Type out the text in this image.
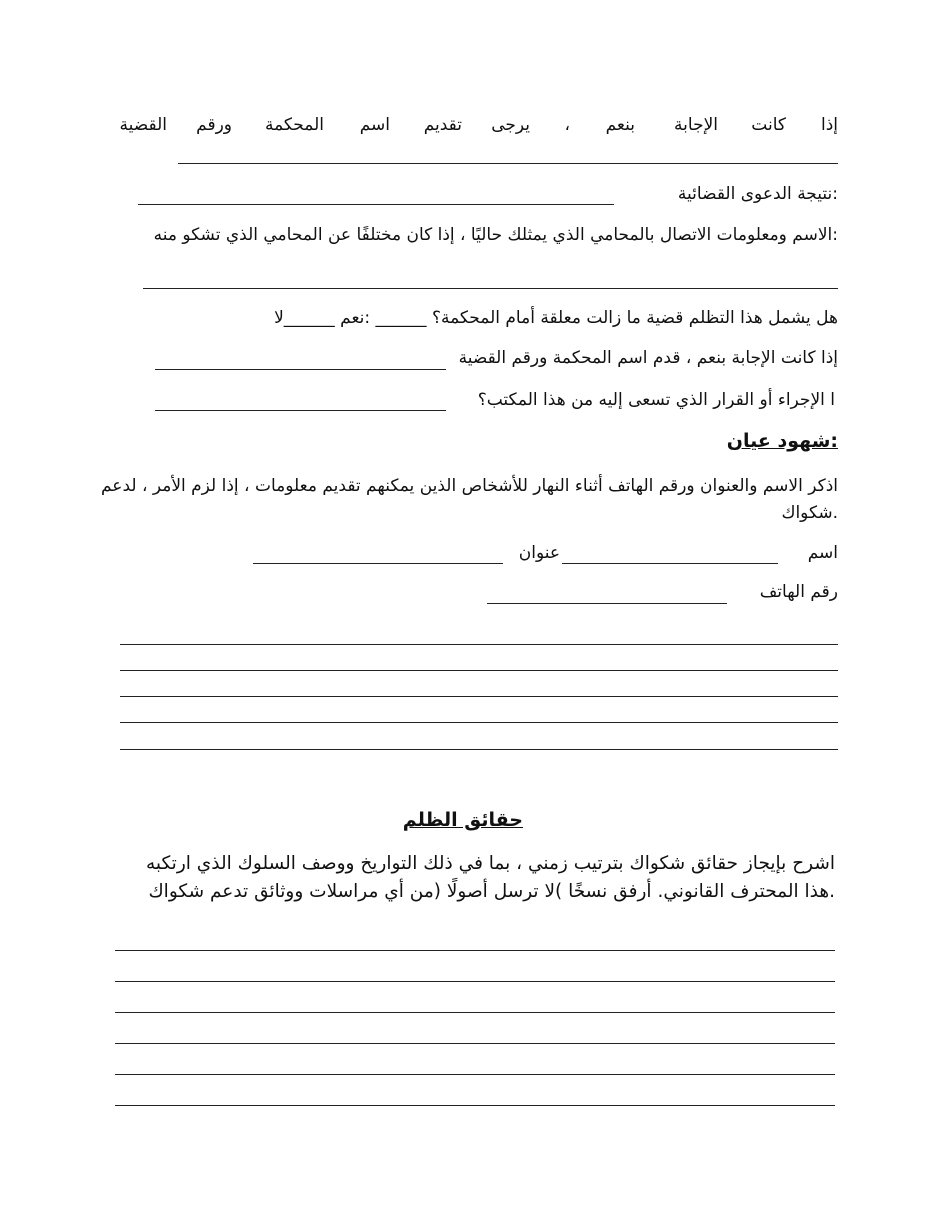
إذا
كانت
الإجابة
بنعم
،
يرجى
تقديم
اسم
المحكمة
ورقم
القضية
:نتيجة الدعوى القضائية
:الاسم ومعلومات الاتصال بالمحامي الذي يمثلك حاليًا ، إذا كان مختلفًا عن المحامي الذي تشكو منه
هل يشمل هذا التظلم قضية ما زالت معلقة أمام المحكمة؟ ______ :نعم ______لا
إذا كانت الإجابة بنعم ، قدم اسم المحكمة ورقم القضية
ا الإجراء أو القرار الذي تسعى إليه من هذا المكتب؟
:شهود عيان
اذكر الاسم والعنوان ورقم الهاتف أثناء النهار للأشخاص الذين يمكنهم تقديم معلومات ، إذا لزم الأمر ، لدعم
.شكواك
اسم
عنوان
رقم الهاتف
حقائق الظلم
اشرح بإيجاز حقائق شكواك بترتيب زمني ، بما في ذلك التواريخ ووصف السلوك الذي ارتكبه
.هذا المحترف القانوني. أرفق نسخًا )لا ترسل أصولًا (من أي مراسلات ووثائق تدعم شكواك
